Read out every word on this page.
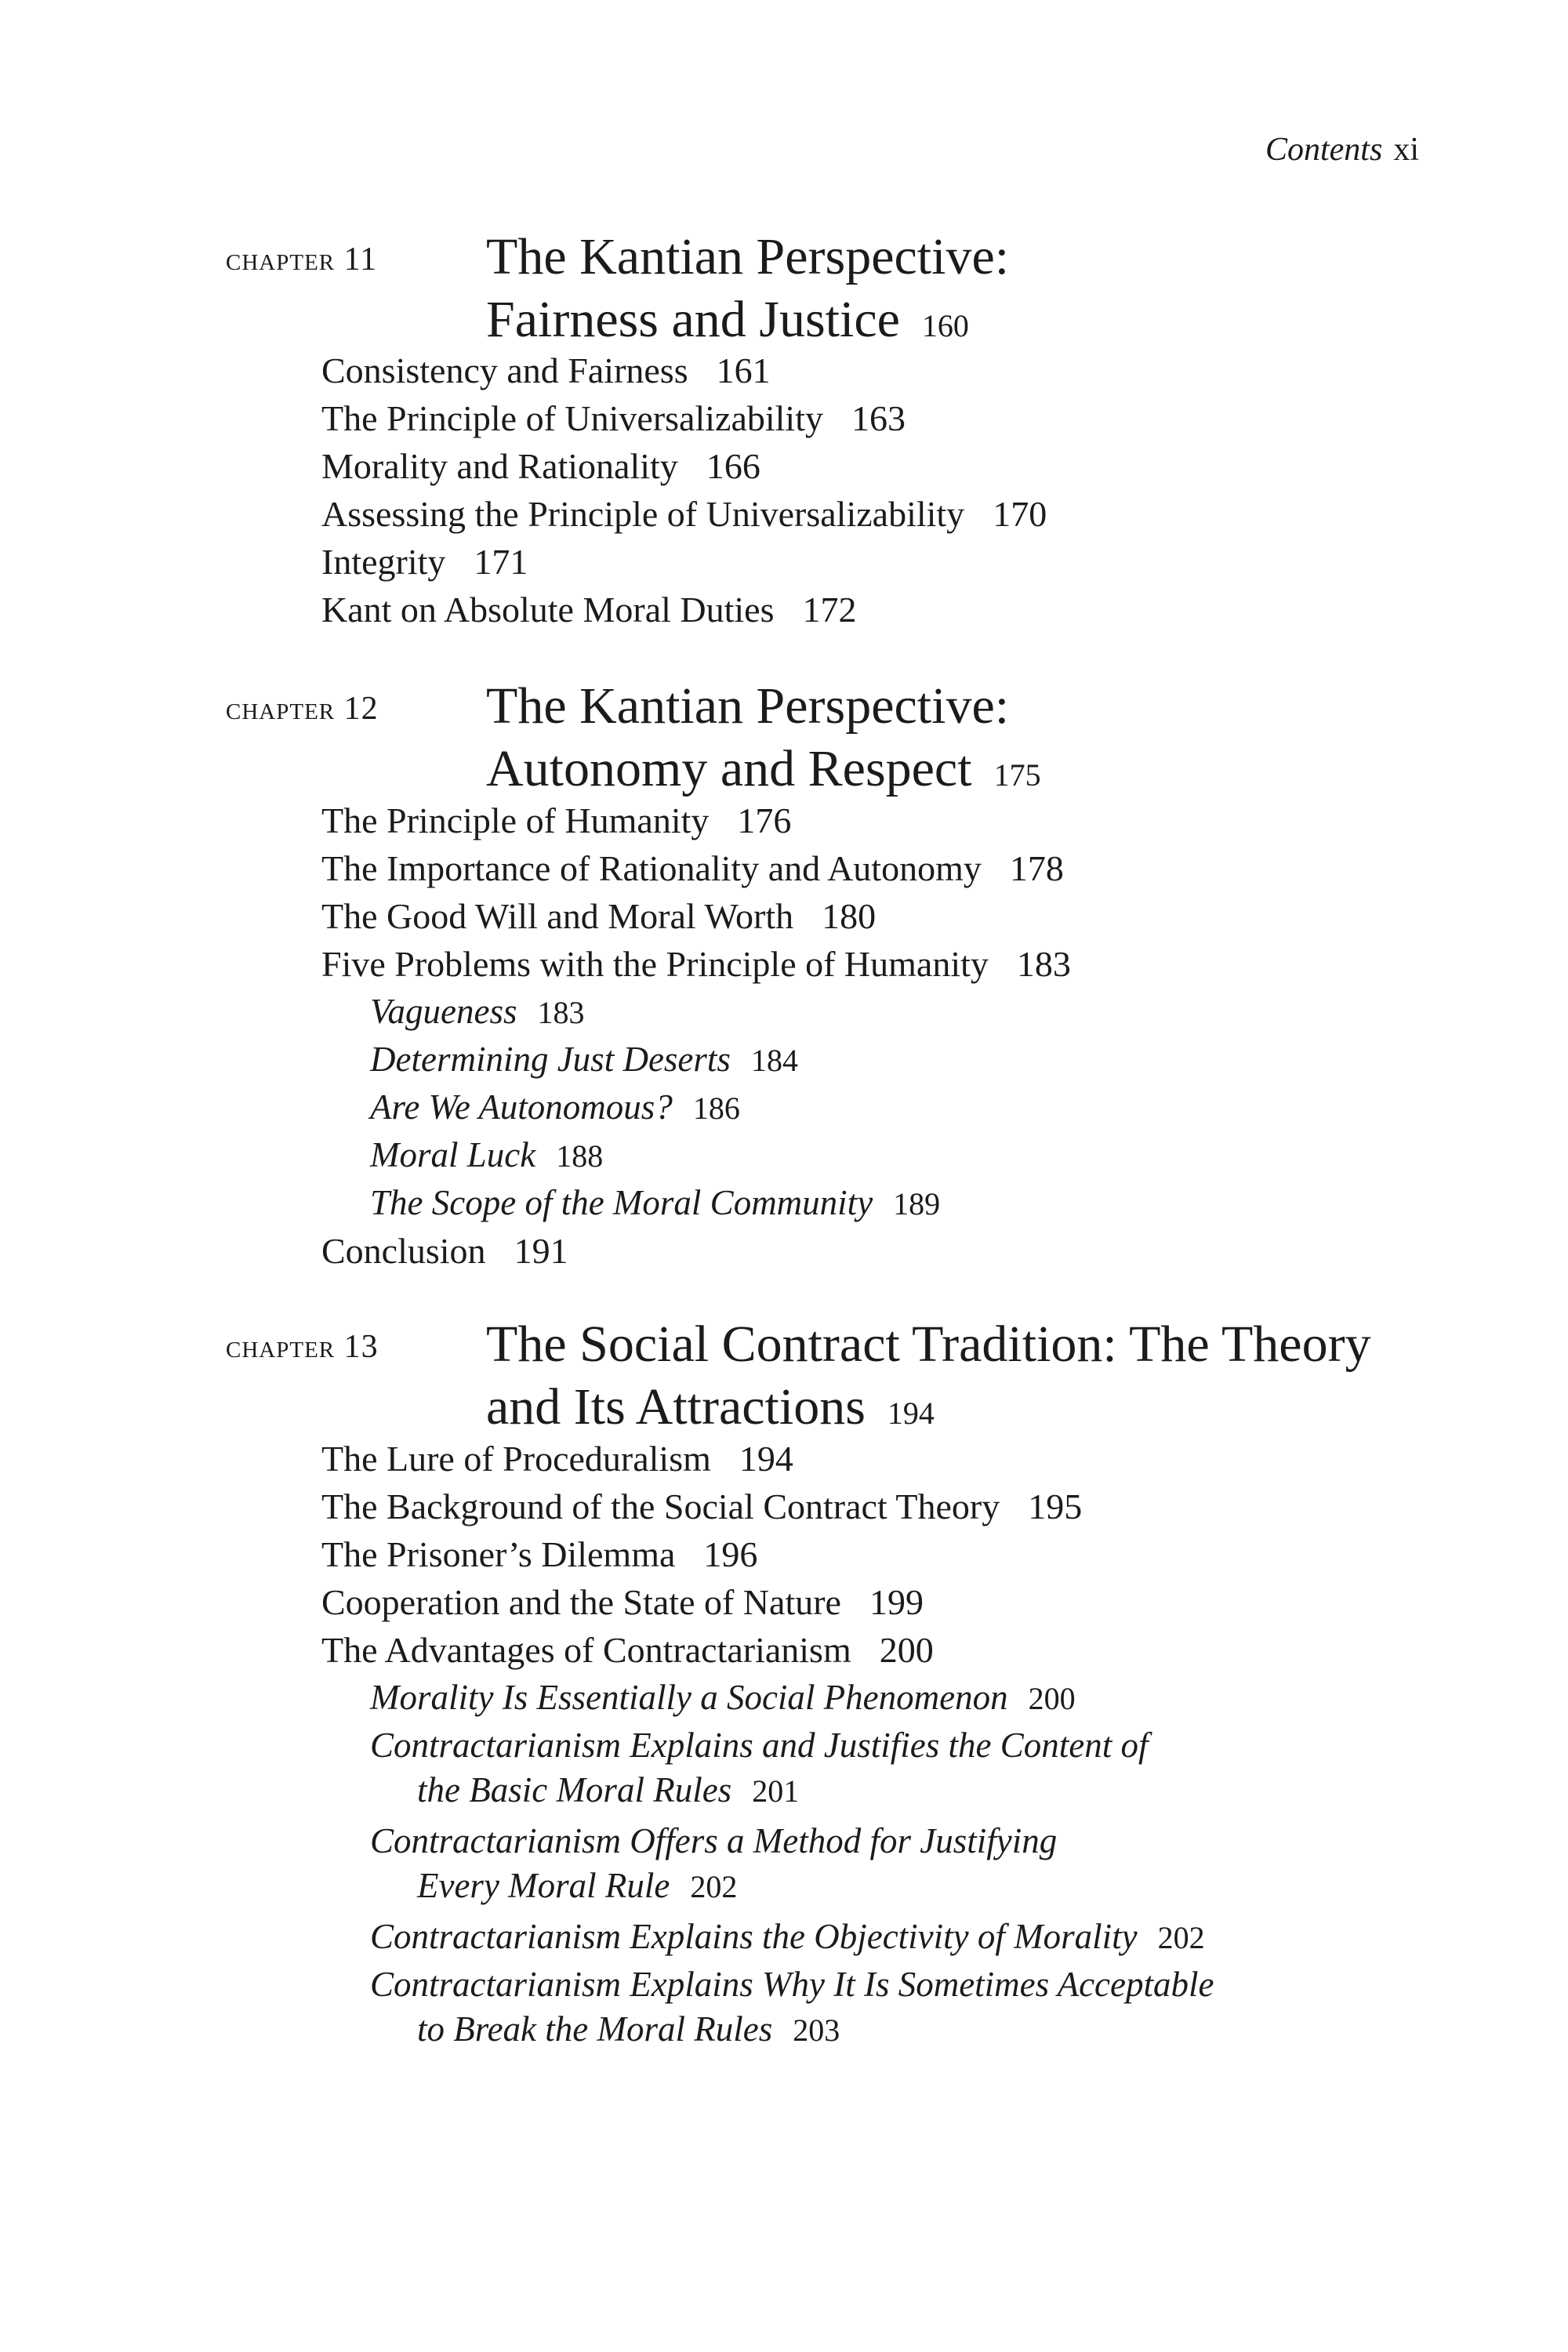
Contents xi
chapter 11 The Kantian Perspective:
Fairness and Justice 160
Consistency and Fairness 161
The Principle of Universalizability 163
Morality and Rationality 166
Assessing the Principle of Universalizability 170
Integrity 171
Kant on Absolute Moral Duties 172
chapter 12 The Kantian Perspective:
Autonomy and Respect 175
The Principle of Humanity 176
The Importance of Rationality and Autonomy 178
The Good Will and Moral Worth 180
Five Problems with the Principle of Humanity 183
Vagueness 183
Determining Just Deserts 184
Are We Autonomous? 186
Moral Luck 188
The Scope of the Moral Community 189
Conclusion 191
chapter 13 The Social Contract Tradition: The Theory
and Its Attractions 194
The Lure of Proceduralism 194
The Background of the Social Contract Theory 195
The Prisoner’s Dilemma 196
Cooperation and the State of Nature 199
The Advantages of Contractarianism 200
Morality Is Essentially a Social Phenomenon 200
Contractarianism Explains and Justifies the Content of
the Basic Moral Rules 201
Contractarianism Offers a Method for Justifying
Every Moral Rule 202
Contractarianism Explains the Objectivity of Morality 202
Contractarianism Explains Why It Is Sometimes Acceptable
to Break the Moral Rules 203
